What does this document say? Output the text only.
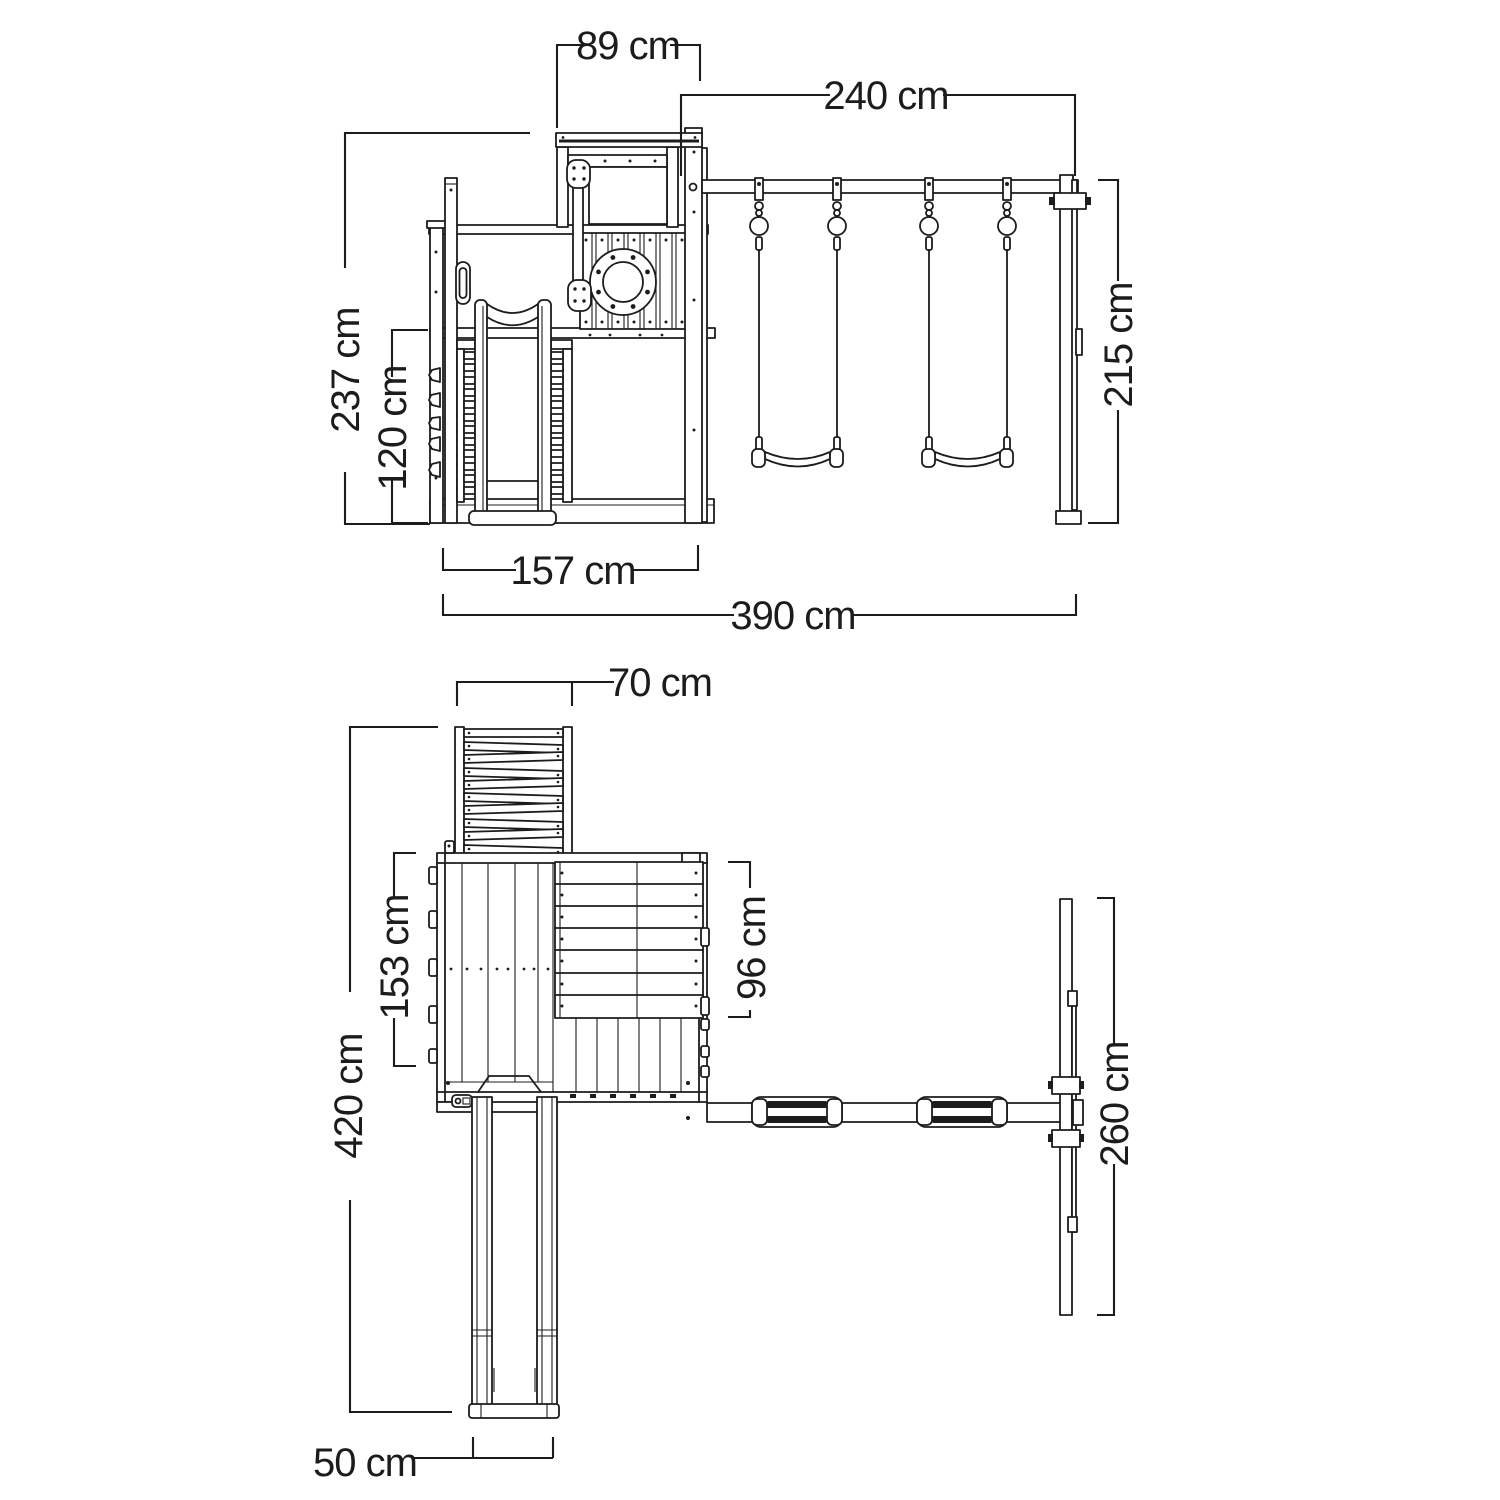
89 cm
240 cm
237 cm 120 cm
215 cm
157 cm
390 cm
70 cm
96 cm
153 cm
420 cm	260 cm
50 cm
